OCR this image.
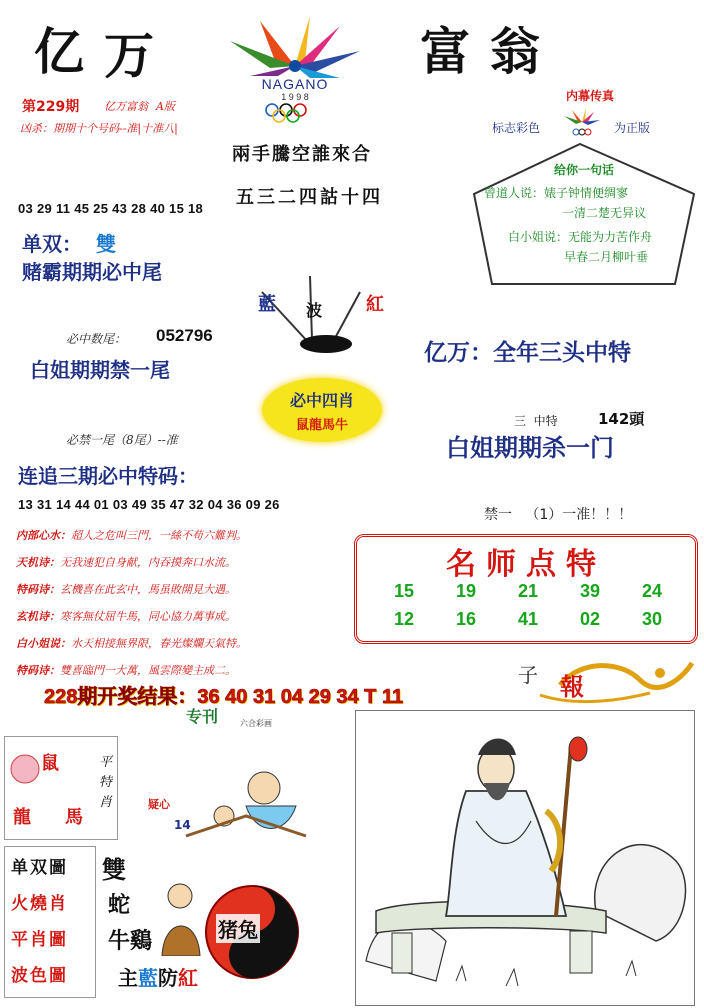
亿 万	富 翁
NAGANO
1 9 9 8
第229期 亿万富翁 A版
凶杀：期期十个号码--准|十准八|
兩手騰空誰來合
五三二四詁十四
内幕传真
标志彩色	为正版
给你一句话
曾道人说：婊子钟情便绸寥
一清二楚无异议
白小姐说：无能为力苦作舟
早春二月柳叶垂
03 29 11 45 25 43 28 40 15 18
单双： 雙
赌霸期期必中尾
藍 波 紅
必中数尾： 052796
白姐期期禁一尾
亿万：全年三头中特
必中四肖
鼠龍馬牛	三  中特	142頭
白姐期期杀一门
必禁一尾（8尾）--准
连追三期必中特码：
13 31 14 44 01 03 49 35 47 32 04 36 09 26
禁一   （1）一准！！！
内部心水：超人之危叫三門，一絲不苟六難判。
天机诗：无我速犯自身献，内吞摸奔口水流。
特码诗：玄機喜在此玄中，馬虽敗開見大遇。
玄机诗：寒客無仗屈牛馬，同心協力萬事成。
白小姐说：水天相接無界限，春光燦爛天氣特。
特码诗：雙喜臨門一大萬，風雲際變主成二。
名师点特
15	19	21	39	24
12	16	41	02	30
228期开奖结果：36 40 31 04 29 34 T 11
专刊	六合彩画
子 報
鼠
龍 馬
平特肖	疑心
14
单双圖
火燒肖
平肖圖
波色圖
雙
蛇
牛鷄	猪兔
主藍防紅
